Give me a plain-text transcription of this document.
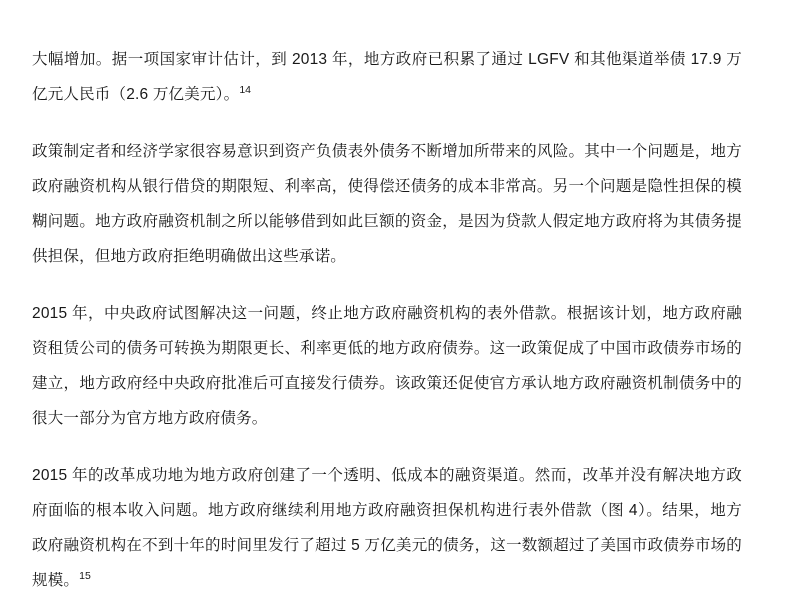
大幅增加。据一项国家审计估计，到 2013 年，地方政府已积累了通过 LGFV 和其他渠道举债 17.9 万亿元人民币（2.6 万亿美元）。$^{14}$

政策制定者和经济学家很容易意识到资产负债表外债务不断增加所带来的风险。其中一个问题是，地方政府融资机构从银行借贷的期限短、利率高，使得偿还债务的成本非常高。另一个问题是隐性担保的模糊问题。地方政府融资机制之所以能够借到如此巨额的资金，是因为贷款人假定地方政府将为其债务提供担保，但地方政府拒绝明确做出这些承诺。

2015 年，中央政府试图解决这一问题，终止地方政府融资机构的表外借款。根据该计划，地方政府融资租赁公司的债务可转换为期限更长、利率更低的地方政府债券。这一政策促成了中国市政债券市场的建立，地方政府经中央政府批准后可直接发行债券。该政策还促使官方承认地方政府融资机制债务中的很大一部分为官方地方政府债务。

2015 年的改革成功地为地方政府创建了一个透明、低成本的融资渠道。然而，改革并没有解决地方政府面临的根本收入问题。地方政府继续利用地方政府融资担保机构进行表外借款（图 4）。结果，地方政府融资机构在不到十年的时间里发行了超过 5 万亿美元的债务，这一数额超过了美国市政债券市场的规模。$^{15}$
